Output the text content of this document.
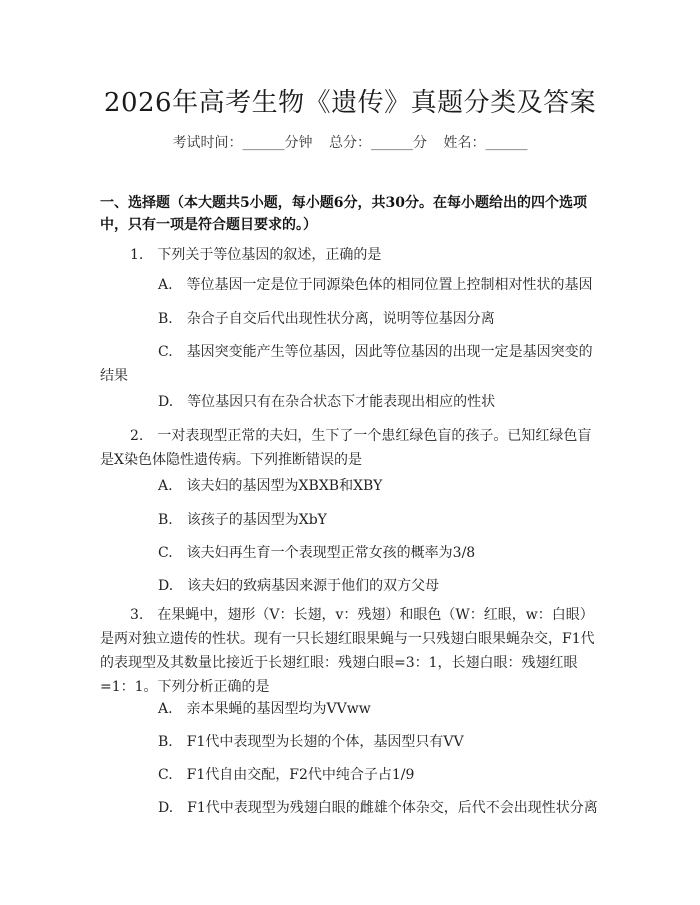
2026年高考生物《遗传》真题分类及答案
考试时间：______分钟 总分：______分 姓名：______
一、选择题（本大题共5小题，每小题6分，共30分。在每小题给出的四个选项中，只有一项是符合题目要求的。）
1.　下列关于等位基因的叙述，正确的是
A.　等位基因一定是位于同源染色体的相同位置上控制相对性状的基因
B.　杂合子自交后代出现性状分离，说明等位基因分离
C.　基因突变能产生等位基因，因此等位基因的出现一定是基因突变的结果
D.　等位基因只有在杂合状态下才能表现出相应的性状
2.　一对表现型正常的夫妇，生下了一个患红绿色盲的孩子。已知红绿色盲是X染色体隐性遗传病。下列推断错误的是
A.　该夫妇的基因型为XBXB和XBY
B.　该孩子的基因型为XbY
C.　该夫妇再生育一个表现型正常女孩的概率为3/8
D.　该夫妇的致病基因来源于他们的双方父母
3.　在果蝇中，翅形（V：长翅，v：残翅）和眼色（W：红眼，w：白眼）是两对独立遗传的性状。现有一只长翅红眼果蝇与一只残翅白眼果蝇杂交，F1代的表现型及其数量比接近于长翅红眼：残翅白眼=3：1，长翅白眼：残翅红眼=1：1。下列分析正确的是
A.　亲本果蝇的基因型均为VVww
B.　F1代中表现型为长翅的个体，基因型只有VV
C.　F1代自由交配，F2代中纯合子占1/9
D.　F1代中表现型为残翅白眼的雌雄个体杂交，后代不会出现性状分离
